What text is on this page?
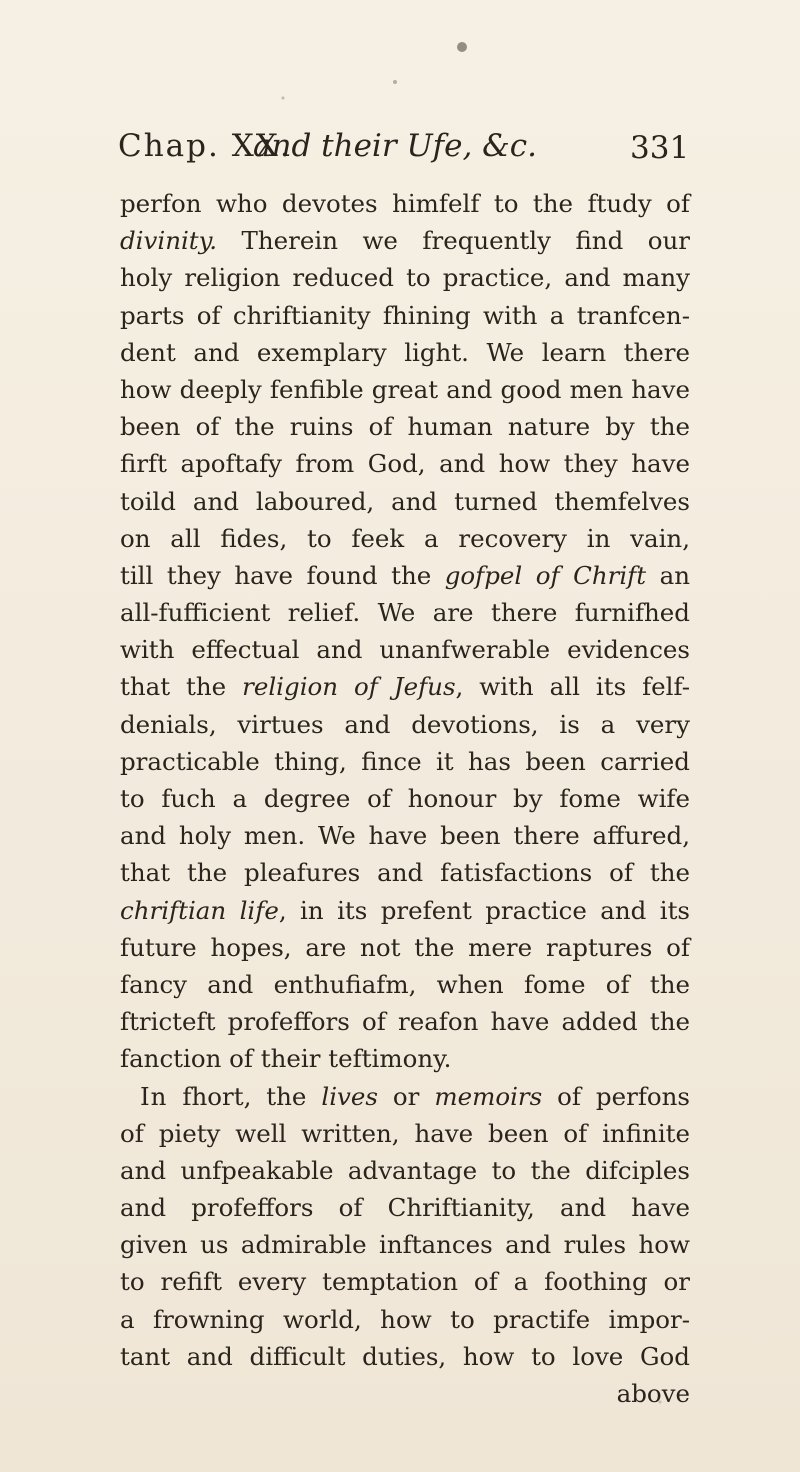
Chap. XX.
and their Ufe, &c.	331
perfon who devotes himfelf to the ftudy of
divinity. Therein we frequently find our
holy religion reduced to practice, and many
parts of chriftianity fhining with a tranfcen-
dent and exemplary light. We learn there
how deeply fenfible great and good men have
been of the ruins of human nature by the
firft apoftafy from God, and how they have
toild and laboured, and turned themfelves
on all fides, to feek a recovery in vain,
till they have found the gofpel of Chrift an
all-fufficient relief. We are there furnifhed
with effectual and unanfwerable evidences
that the religion of Jefus, with all its felf-
denials, virtues and devotions, is a very
practicable thing, fince it has been carried
to fuch a degree of honour by fome wife
and holy men. We have been there affured,
that the pleafures and fatisfactions of the
chriftian life, in its prefent practice and its
future hopes, are not the mere raptures of
fancy and enthufiafm, when fome of the
ftricteft profeffors of reafon have added the
fanction of their teftimony.
In fhort, the lives or memoirs of perfons
of piety well written, have been of infinite
and unfpeakable advantage to the difciples
and profeffors of Chriftianity, and have
given us admirable inftances and rules how
to refift every temptation of a foothing or
a frowning world, how to practife impor-
tant and difficult duties, how to love God
above
